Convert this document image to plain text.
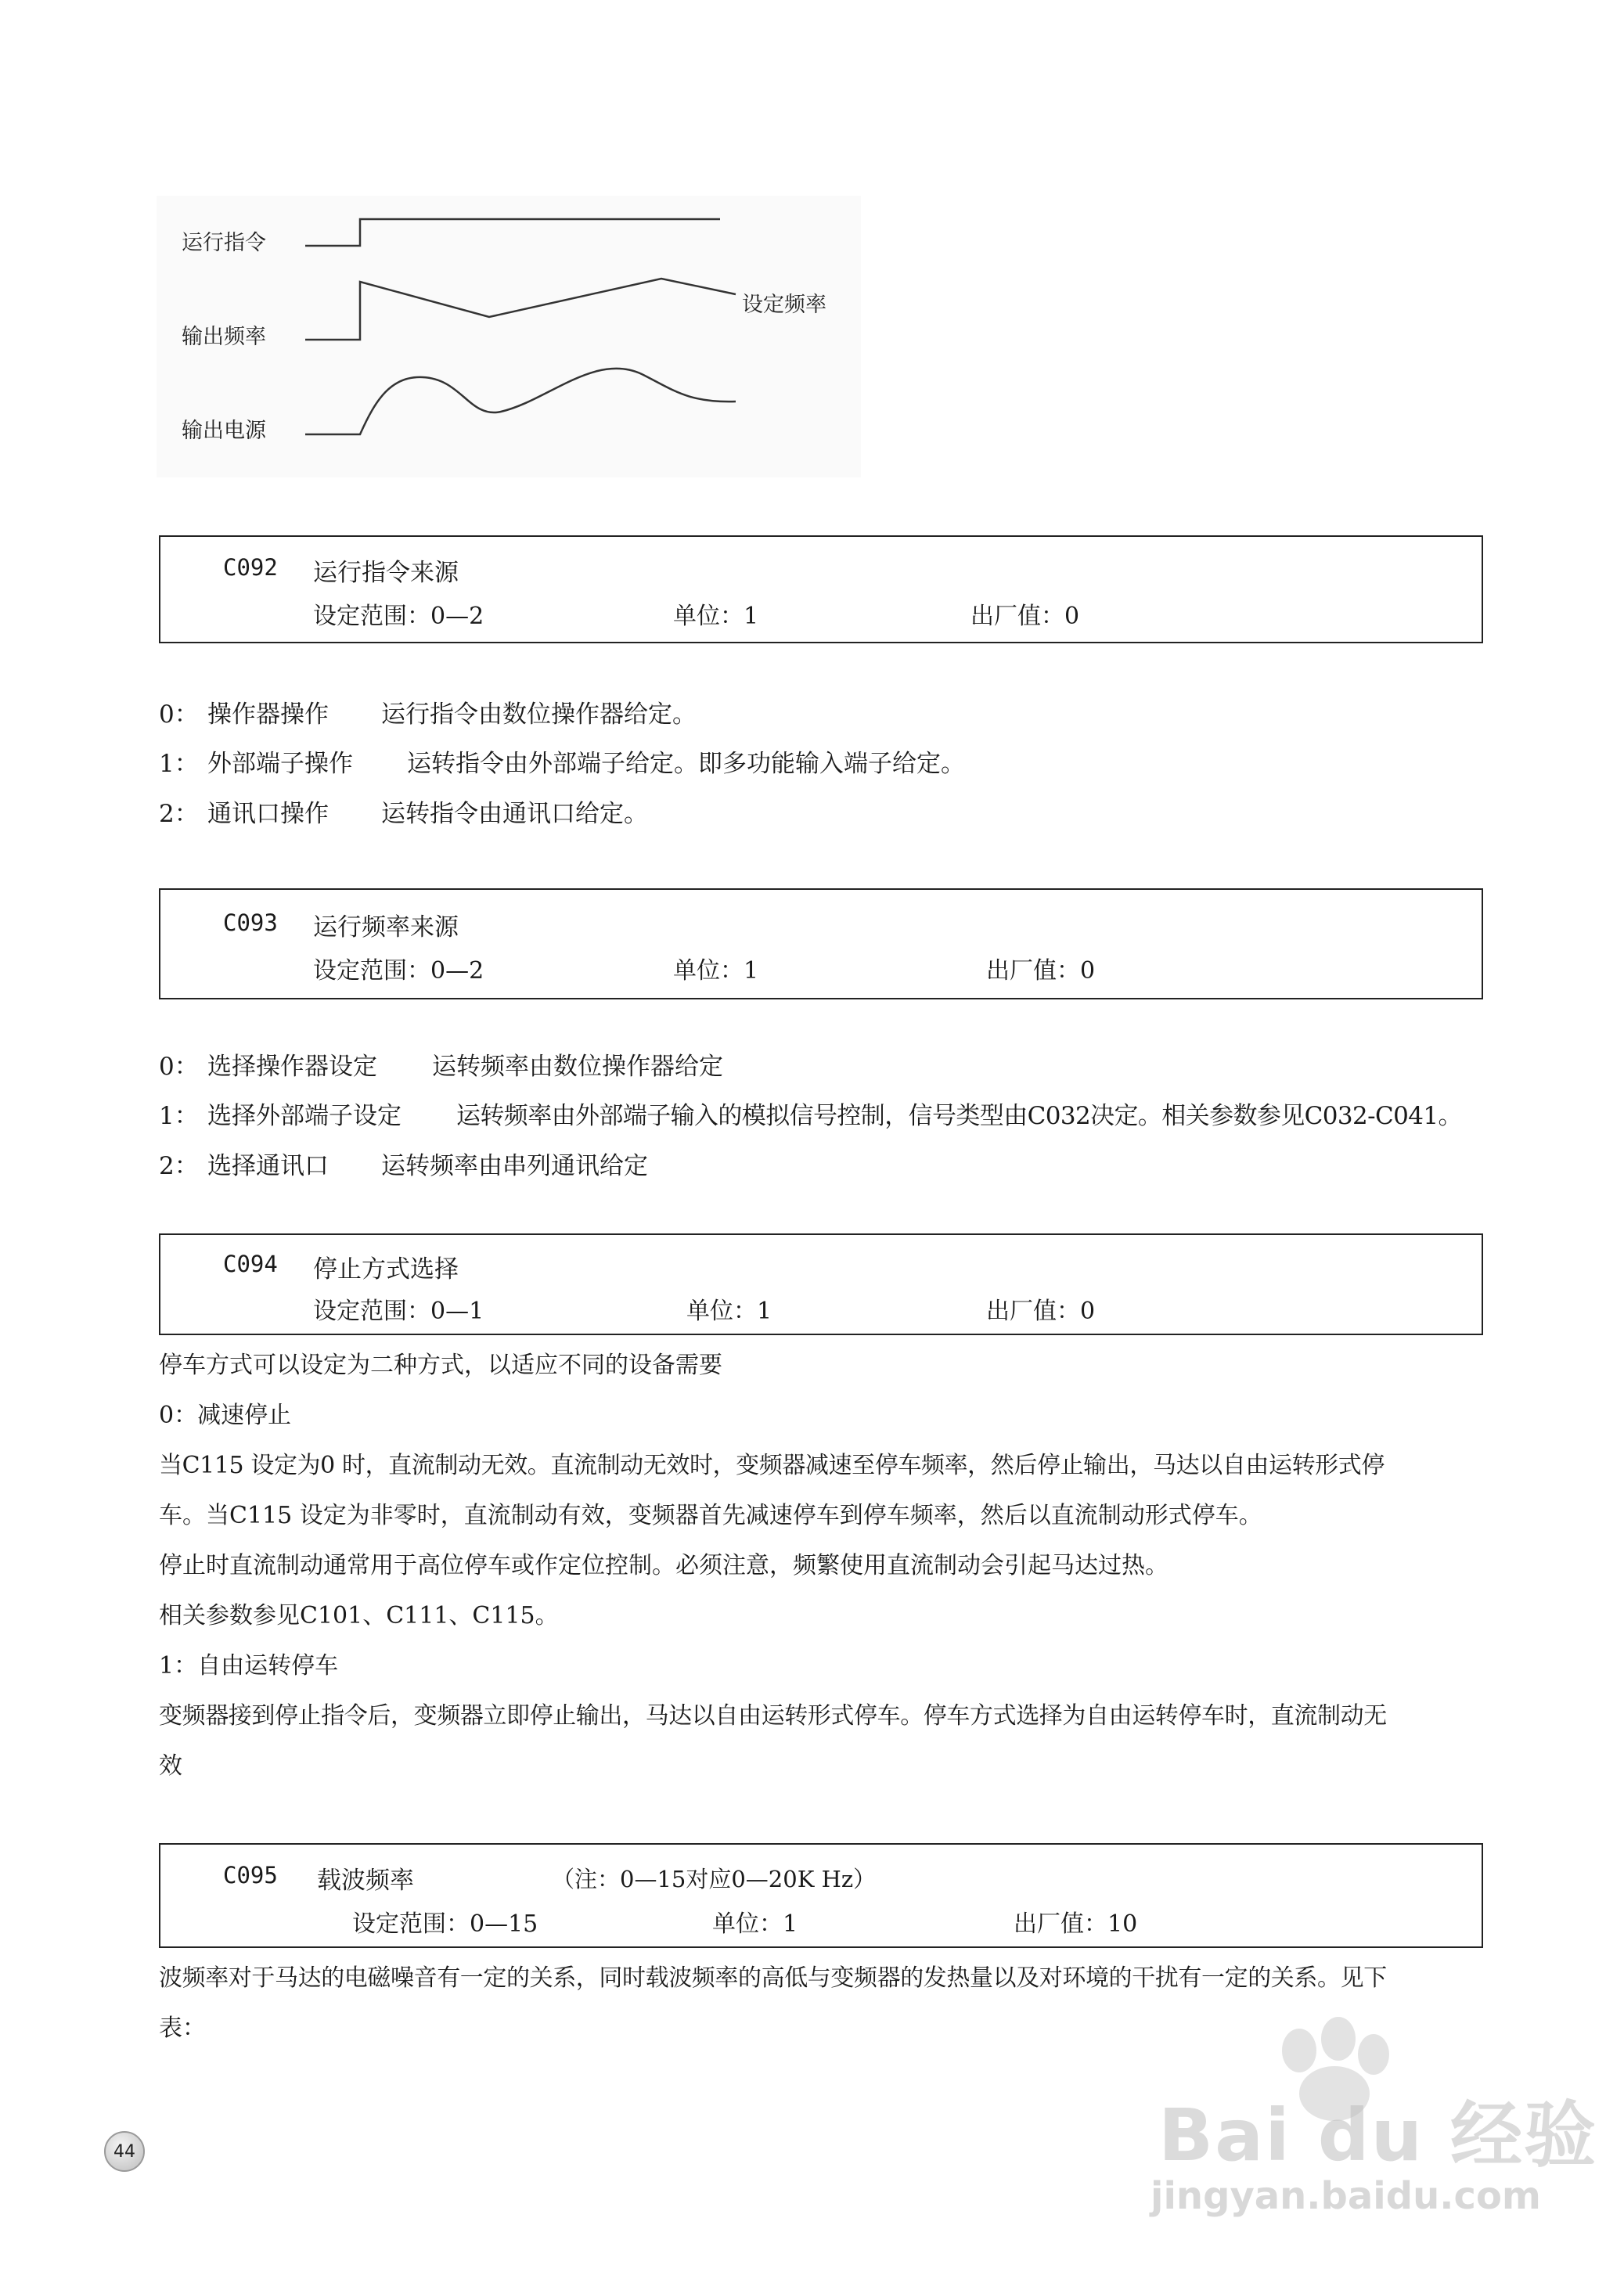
运行指令
输出频率
设定频率
输出电源
C092 运行指令来源
设定范围：0—2	单位：1	出厂值：0
0： 操作器操作 运行指令由数位操作器给定。
1： 外部端子操作 运转指令由外部端子给定。即多功能输入端子给定。
2： 通讯口操作 运转指令由通讯口给定。
C093 运行频率来源
设定范围：0—2	单位：1	出厂值：0
0： 选择操作器设定 运转频率由数位操作器给定
1： 选择外部端子设定 运转频率由外部端子输入的模拟信号控制，信号类型由C032决定。相关参数参见C032-C041。
2： 选择通讯口 运转频率由串列通讯给定
C094 停止方式选择
设定范围：0—1	单位：1	出厂值：0

停车方式可以设定为二种方式，以适应不同的设备需要

0：减速停止

当C115 设定为0 时，直流制动无效。直流制动无效时，变频器减速至停车频率，然后停止输出，马达以自由运转形式停

车。当C115 设定为非零时，直流制动有效，变频器首先减速停车到停车频率，然后以直流制动形式停车。

停止时直流制动通常用于高位停车或作定位控制。必须注意，频繁使用直流制动会引起马达过热。

相关参数参见C101、C111、C115。

1：自由运转停车

变频器接到停止指令后，变频器立即停止输出，马达以自由运转形式停车。停车方式选择为自由运转停车时，直流制动无

效

C095 载波频率	（注：0—15对应0—20K Hz）
设定范围：0—15	单位：1	出厂值：10

波频率对于马达的电磁噪音有一定的关系，同时载波频率的高低与变频器的发热量以及对环境的干扰有一定的关系。见下

表：

Bai du 经验
jingyan.baidu.com
44
